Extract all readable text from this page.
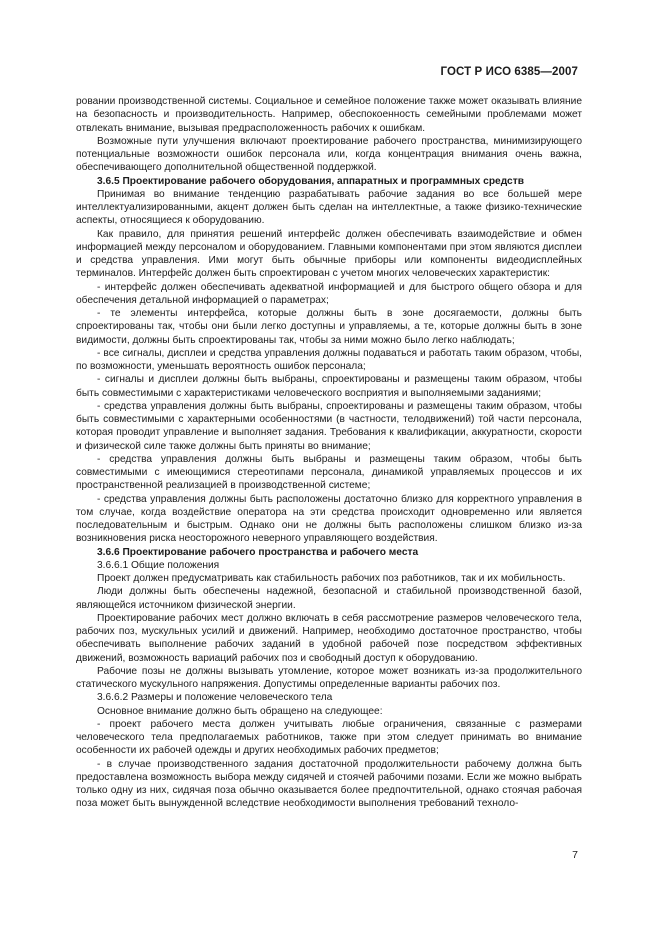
ГОСТ Р ИСО 6385—2007

ровании производственной системы. Социальное и семейное положение также может оказывать влияние на безопасность и производительность. Например, обеспокоенность семейными проблемами может отвлекать внимание, вызывая предрасположенность рабочих к ошибкам.

Возможные пути улучшения включают проектирование рабочего пространства, минимизирующего потенциальные возможности ошибок персонала или, когда концентрация внимания очень важна, обеспечивающего дополнительной общественной поддержкой.

3.6.5 Проектирование рабочего оборудования, аппаратных и программных средств

Принимая во внимание тенденцию разрабатывать рабочие задания во все большей мере интеллектуализированными, акцент должен быть сделан на интеллектные, а также физико-технические аспекты, относящиеся к оборудованию.

Как правило, для принятия решений интерфейс должен обеспечивать взаимодействие и обмен информацией между персоналом и оборудованием. Главными компонентами при этом являются дисплеи и средства управления. Ими могут быть обычные приборы или компоненты видеодисплейных терминалов. Интерфейс должен быть спроектирован с учетом многих человеческих характеристик:

- интерфейс должен обеспечивать адекватной информацией и для быстрого общего обзора и для обеспечения детальной информацией о параметрах;

- те элементы интерфейса, которые должны быть в зоне досягаемости, должны быть спроектированы так, чтобы они были легко доступны и управляемы, а те, которые должны быть в зоне видимости, должны быть спроектированы так, чтобы за ними можно было легко наблюдать;

- все сигналы, дисплеи и средства управления должны подаваться и работать таким образом, чтобы, по возможности, уменьшать вероятность ошибок персонала;

- сигналы и дисплеи должны быть выбраны, спроектированы и размещены таким образом, чтобы быть совместимыми с характеристиками человеческого восприятия и выполняемыми заданиями;

- средства управления должны быть выбраны, спроектированы и размещены таким образом, чтобы быть совместимыми с характерными особенностями (в частности, телодвижений) той части персонала, которая проводит управление и выполняет задания. Требования к квалификации, аккуратности, скорости и физической силе также должны быть приняты во внимание;

- средства управления должны быть выбраны и размещены таким образом, чтобы быть совместимыми с имеющимися стереотипами персонала, динамикой управляемых процессов и их пространственной реализацией в производственной системе;

- средства управления должны быть расположены достаточно близко для корректного управления в том случае, когда воздействие оператора на эти средства происходит одновременно или является последовательным и быстрым. Однако они не должны быть расположены слишком близко из-за возникновения риска неосторожного неверного управляющего воздействия.

3.6.6 Проектирование рабочего пространства и рабочего места

3.6.6.1 Общие положения

Проект должен предусматривать как стабильность рабочих поз работников, так и их мобильность.

Люди должны быть обеспечены надежной, безопасной и стабильной производственной базой, являющейся источником физической энергии.

Проектирование рабочих мест должно включать в себя рассмотрение размеров человеческого тела, рабочих поз, мускульных усилий и движений. Например, необходимо достаточное пространство, чтобы обеспечивать выполнение рабочих заданий в удобной рабочей позе посредством эффективных движений, возможность вариаций рабочих поз и свободный доступ к оборудованию.

Рабочие позы не должны вызывать утомление, которое может возникать из-за продолжительного статического мускульного напряжения. Допустимы определенные варианты рабочих поз.

3.6.6.2 Размеры и положение человеческого тела

Основное внимание должно быть обращено на следующее:

- проект рабочего места должен учитывать любые ограничения, связанные с размерами человеческого тела предполагаемых работников, также при этом следует принимать во внимание особенности их рабочей одежды и других необходимых рабочих предметов;

- в случае производственного задания достаточной продолжительности рабочему должна быть предоставлена возможность выбора между сидячей и стоячей рабочими позами. Если же можно выбрать только одну из них, сидячая поза обычно оказывается более предпочтительной, однако стоячая рабочая поза может быть вынужденной вследствие необходимости выполнения требований техноло-

7
